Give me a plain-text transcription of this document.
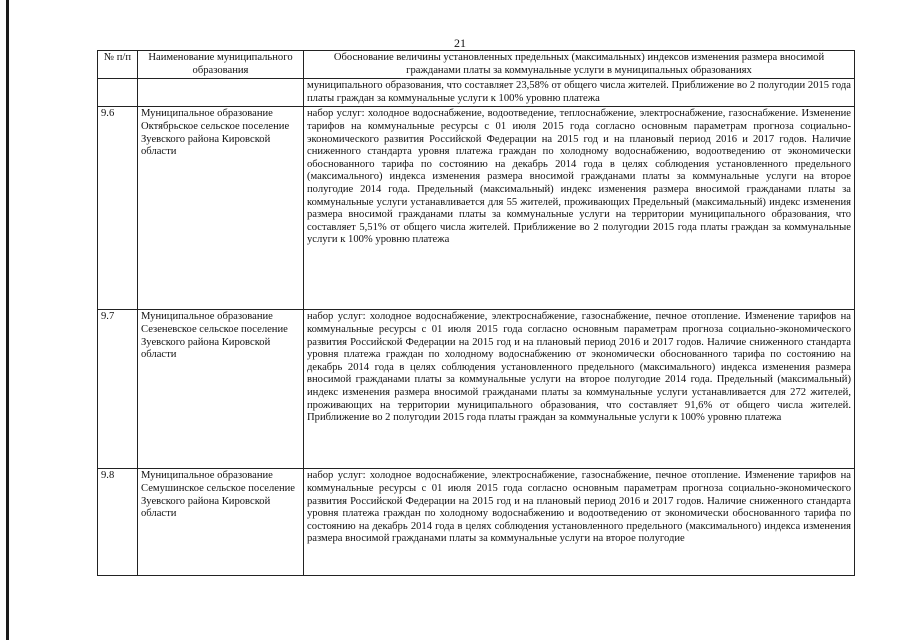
21
№ п/п	Наименование муниципального образования	Обоснование величины установленных предельных (максимальных) индексов изменения размера вносимой гражданами платы за коммунальные услуги в муниципальных образованиях
		муниципального образования, что составляет 23,58% от общего числа жителей. Приближение во 2 полугодии 2015 года платы граждан за коммунальные услуги к 100% уровню платежа
9.6	Муниципальное образование Октябрьское сельское поселение Зуевского района Кировской области	набор услуг: холодное водоснабжение, водоотведение, теплоснабжение, электроснабжение, газоснабжение. Изменение тарифов на коммунальные ресурсы с 01 июля 2015 года согласно основным параметрам прогноза социально-экономического развития Российской Федерации на 2015 год и на плановый период 2016 и 2017 годов. Наличие сниженного стандарта уровня платежа граждан по холодному водоснабжению, водоотведению от экономически обоснованного тарифа по состоянию на декабрь 2014 года в целях соблюдения установленного предельного (максимального) индекса изменения размера вносимой гражданами платы за коммунальные услуги на второе полугодие 2014 года. Предельный (максимальный) индекс изменения размера вносимой гражданами платы за коммунальные услуги устанавливается для 55 жителей, проживающих Предельный (максимальный) индекс изменения размера вносимой гражданами платы за коммунальные услуги на территории муниципального образования, что составляет 5,51% от общего числа жителей. Приближение во 2 полугодии 2015 года платы граждан за коммунальные услуги к 100% уровню платежа
9.7	Муниципальное образование Сезеневское сельское поселение Зуевского района Кировской области	набор услуг: холодное водоснабжение, электроснабжение, газоснабжение, печное отопление. Изменение тарифов на коммунальные ресурсы с 01 июля 2015 года согласно основным параметрам прогноза социально-экономического развития Российской Федерации на 2015 год и на плановый период 2016 и 2017 годов. Наличие сниженного стандарта уровня платежа граждан по холодному водоснабжению от экономически обоснованного тарифа по состоянию на декабрь 2014 года в целях соблюдения установленного предельного (максимального) индекса изменения размера вносимой гражданами платы за коммунальные услуги на второе полугодие 2014 года. Предельный (максимальный) индекс изменения размера вносимой гражданами платы за коммунальные услуги устанавливается для 272 жителей, проживающих на территории муниципального образования, что составляет 91,6% от общего числа жителей. Приближение во 2 полугодии 2015 года платы граждан за коммунальные услуги к 100% уровню платежа
9.8	Муниципальное образование Семушинское сельское поселение Зуевского района Кировской области	набор услуг: холодное водоснабжение, электроснабжение, газоснабжение, печное отопление. Изменение тарифов на коммунальные ресурсы с 01 июля 2015 года согласно основным параметрам прогноза социально-экономического развития Российской Федерации на 2015 год и на плановый период 2016 и 2017 годов. Наличие сниженного стандарта уровня платежа граждан по холодному водоснабжению и водоотведению от экономически обоснованного тарифа по состоянию на декабрь 2014 года в целях соблюдения установленного предельного (максимального) индекса изменения размера вносимой гражданами платы за коммунальные услуги на второе полугодие
